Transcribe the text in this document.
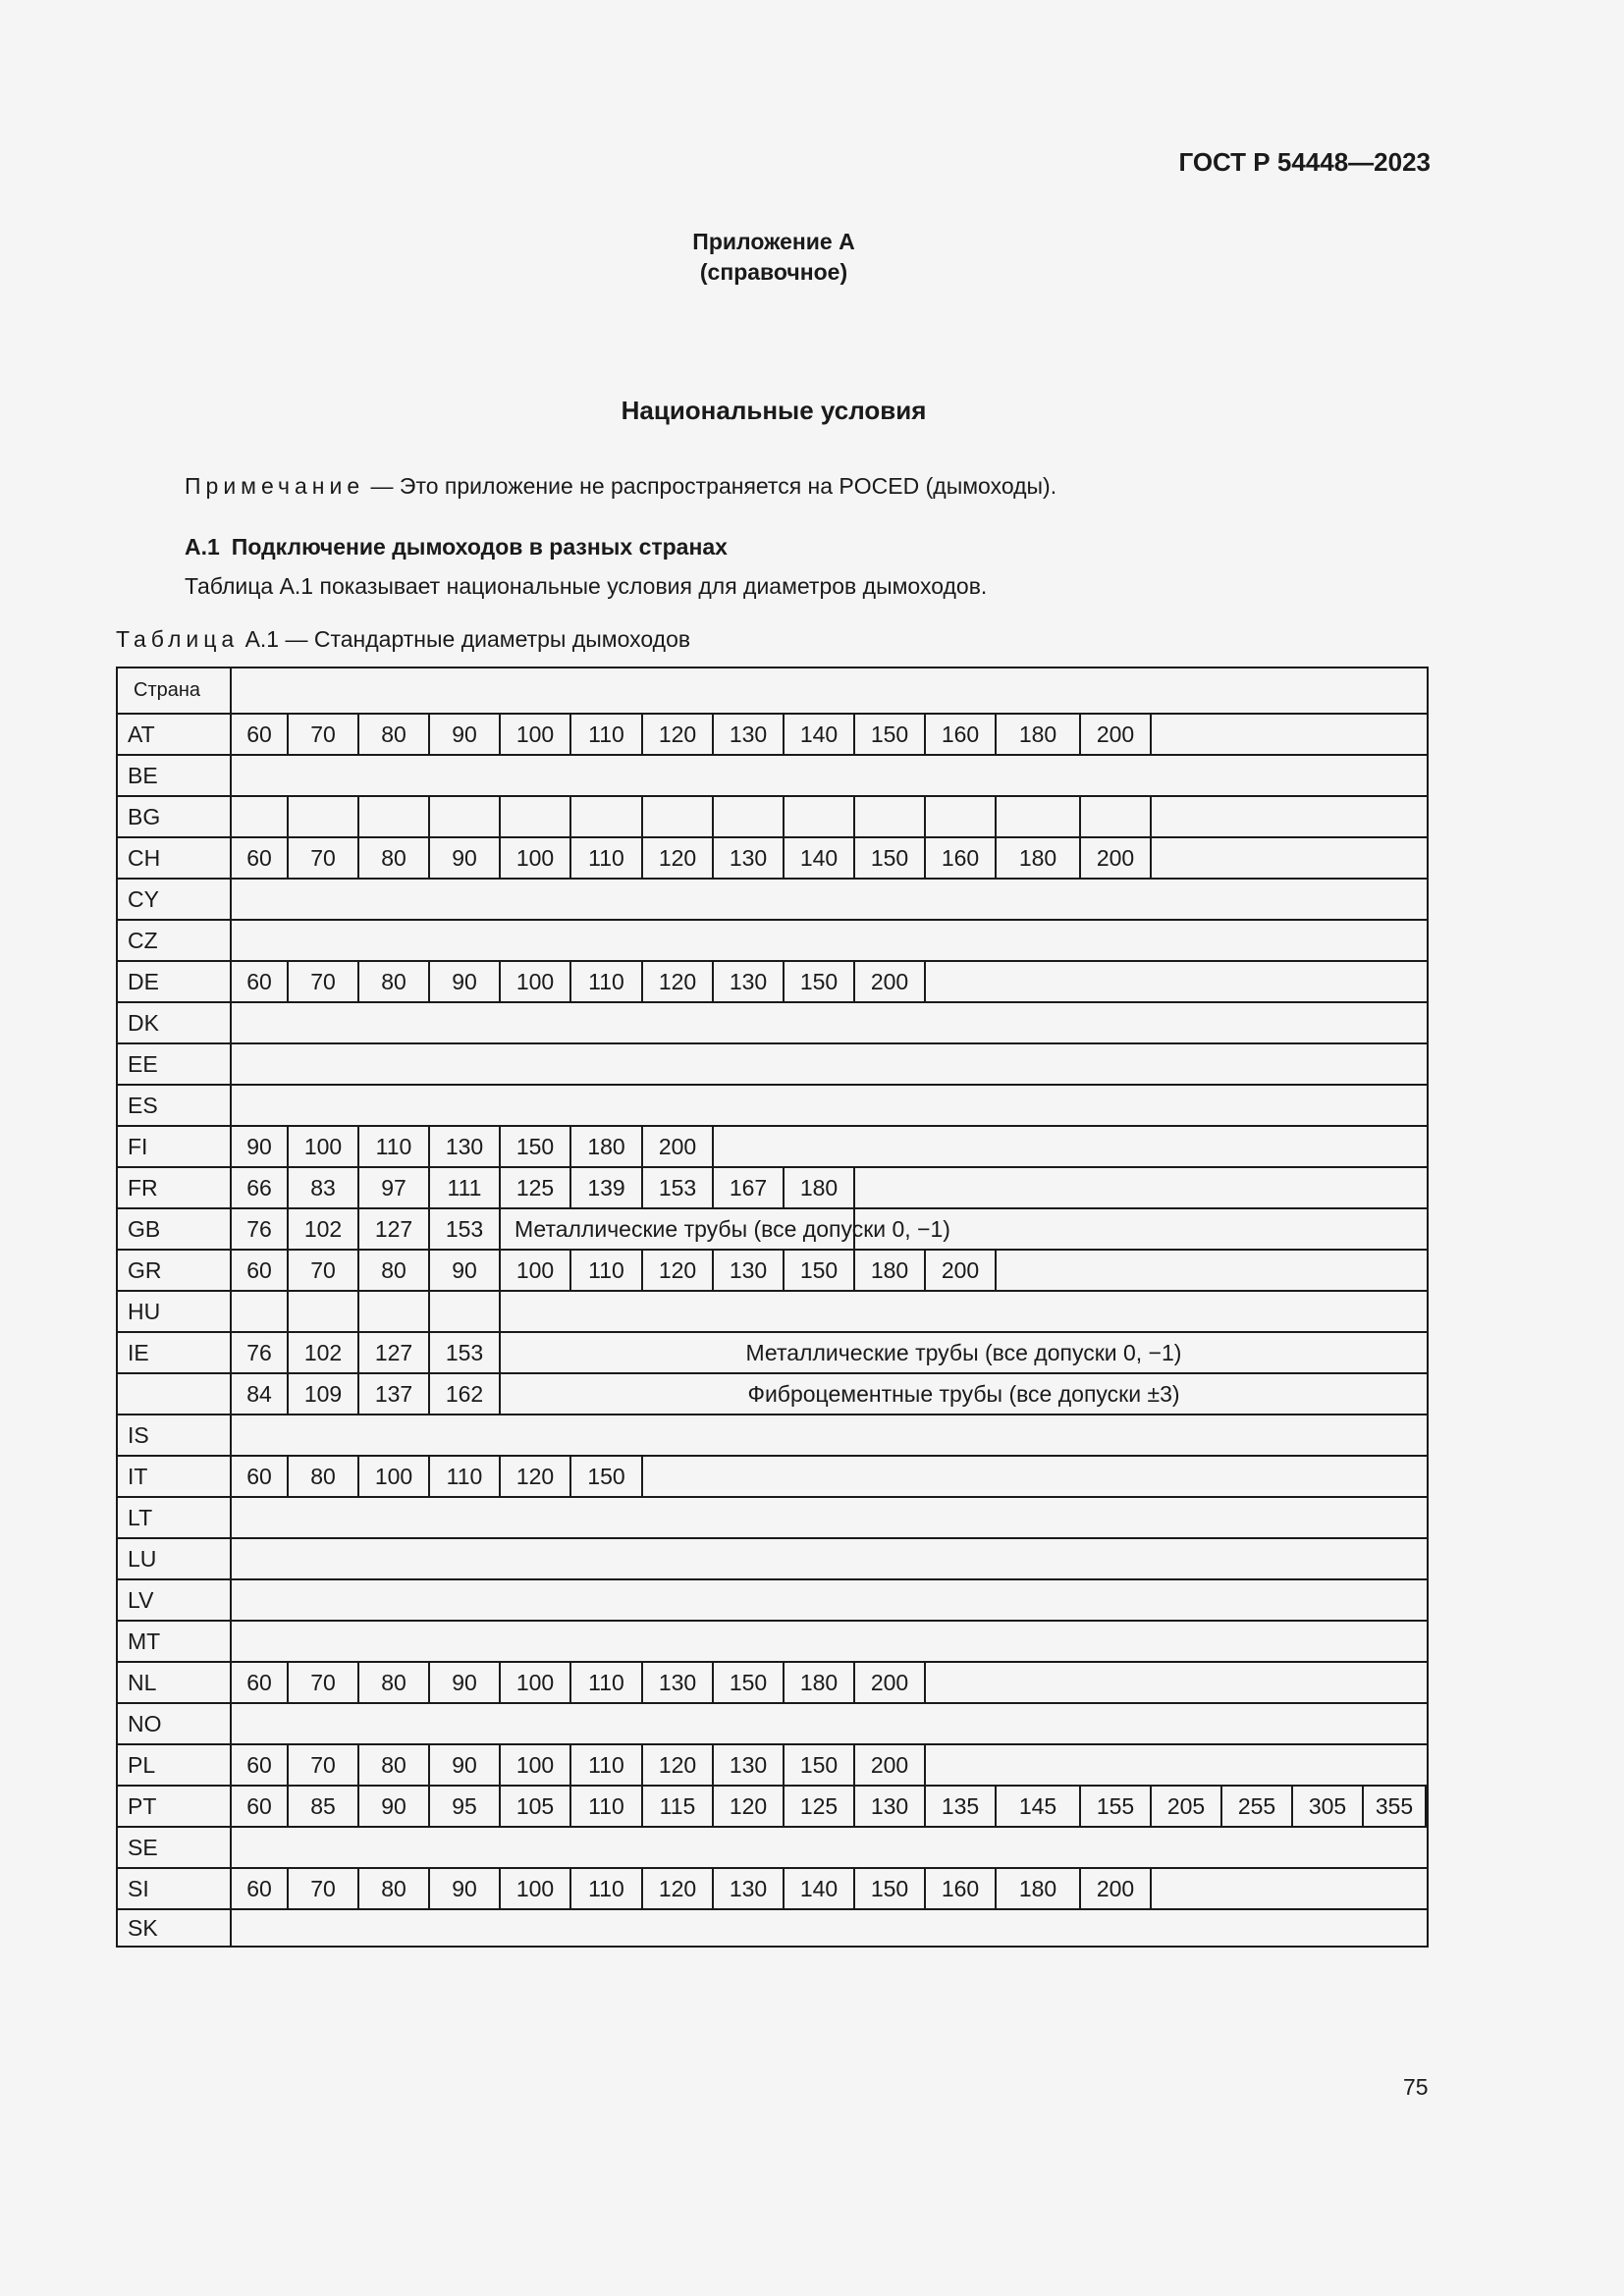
ГОСТ Р 54448—2023
Приложение А
(справочное)
Национальные условия
Примечание — Это приложение не распространяется на POCED (дымоходы).
А.1 Подключение дымоходов в разных странах
Таблица А.1 показывает национальные условия для диаметров дымоходов.
Таблица А.1 — Стандартные диаметры дымоходов
Страна
AT	60	70	80	90	100	110	120	130	140	150	160	180	200
BE
BG
CH	60	70	80	90	100	110	120	130	140	150	160	180	200
CY
CZ
DE	60	70	80	90	100	110	120	130	150	200
DK
EE
ES
FI	90	100	110	130	150	180	200
FR	66	83	97	111	125	139	153	167	180
GB	76	102	127	153	Металлические трубы (все допуски 0, −1)
GR	60	70	80	90	100	110	120	130	150	180	200
HU
IE	76	102	127	153	Металлические трубы (все допуски 0, −1)
84	109	137	162	Фиброцементные трубы (все допуски ±3)
IS
IT	60	80	100	110	120	150
LT
LU
LV
MT
NL	60	70	80	90	100	110	130	150	180	200
NO
PL	60	70	80	90	100	110	120	130	150	200
PT	60	85	90	95	105	110	115	120	125	130	135	145	155	205	255	305	355
SE
SI	60	70	80	90	100	110	120	130	140	150	160	180	200
SK
75
